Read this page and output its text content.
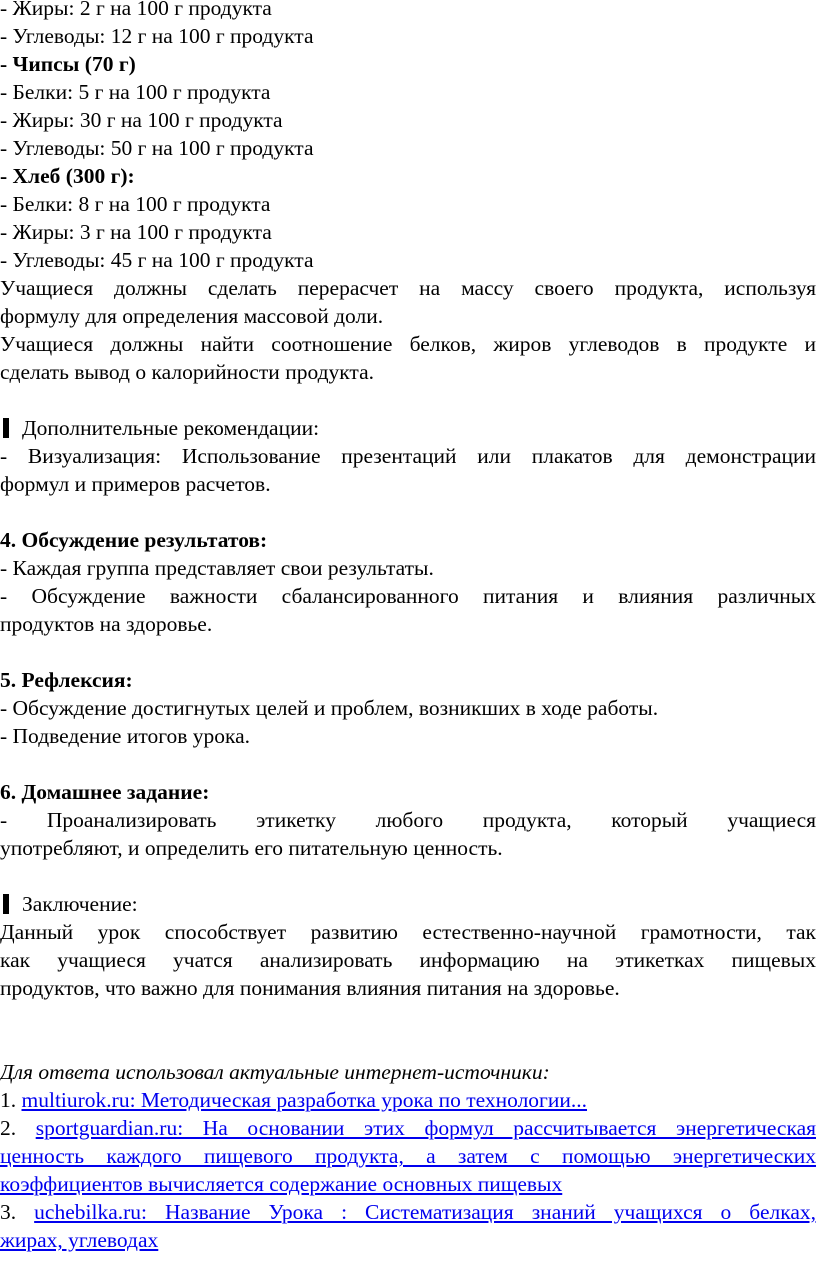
- Жиры: 2 г на 100 г продукта
- Углеводы: 12 г на 100 г продукта
- Чипсы (70 г)
- Белки: 5 г на 100 г продукта
- Жиры: 30 г на 100 г продукта
- Углеводы: 50 г на 100 г продукта
- Хлеб (300 г):
- Белки: 8 г на 100 г продукта
- Жиры: 3 г на 100 г продукта
- Углеводы: 45 г на 100 г продукта
Учащиеся должны сделать перерасчет на массу своего продукта, используя
формулу для определения массовой доли.
Учащиеся должны найти соотношение белков, жиров углеводов в продукте и
сделать вывод о калорийности продукта.
Дополнительные рекомендации:
- Визуализация: Использование презентаций или плакатов для демонстрации
формул и примеров расчетов.
4. Обсуждение результатов:
- Каждая группа представляет свои результаты.
- Обсуждение важности сбалансированного питания и влияния различных
продуктов на здоровье.
5. Рефлексия:
- Обсуждение достигнутых целей и проблем, возникших в ходе работы.
- Подведение итогов урока.
6. Домашнее задание:
- Проанализировать этикетку любого продукта, который учащиеся
употребляют, и определить его питательную ценность.
Заключение:
Данный урок способствует развитию естественно-научной грамотности, так
как учащиеся учатся анализировать информацию на этикетках пищевых
продуктов, что важно для понимания влияния питания на здоровье.
Для ответа использовал актуальные интернет-источники:
1. multiurok.ru: Методическая разработка урока по технологии...
2. sportguardian.ru: На основании этих формул рассчитывается энергетическая
ценность каждого пищевого продукта, а затем с помощью энергетических
коэффициентов вычисляется содержание основных пищевых
3. uchebilka.ru: Название Урока : Систематизация знаний учащихся о белках,
жирах, углеводах
